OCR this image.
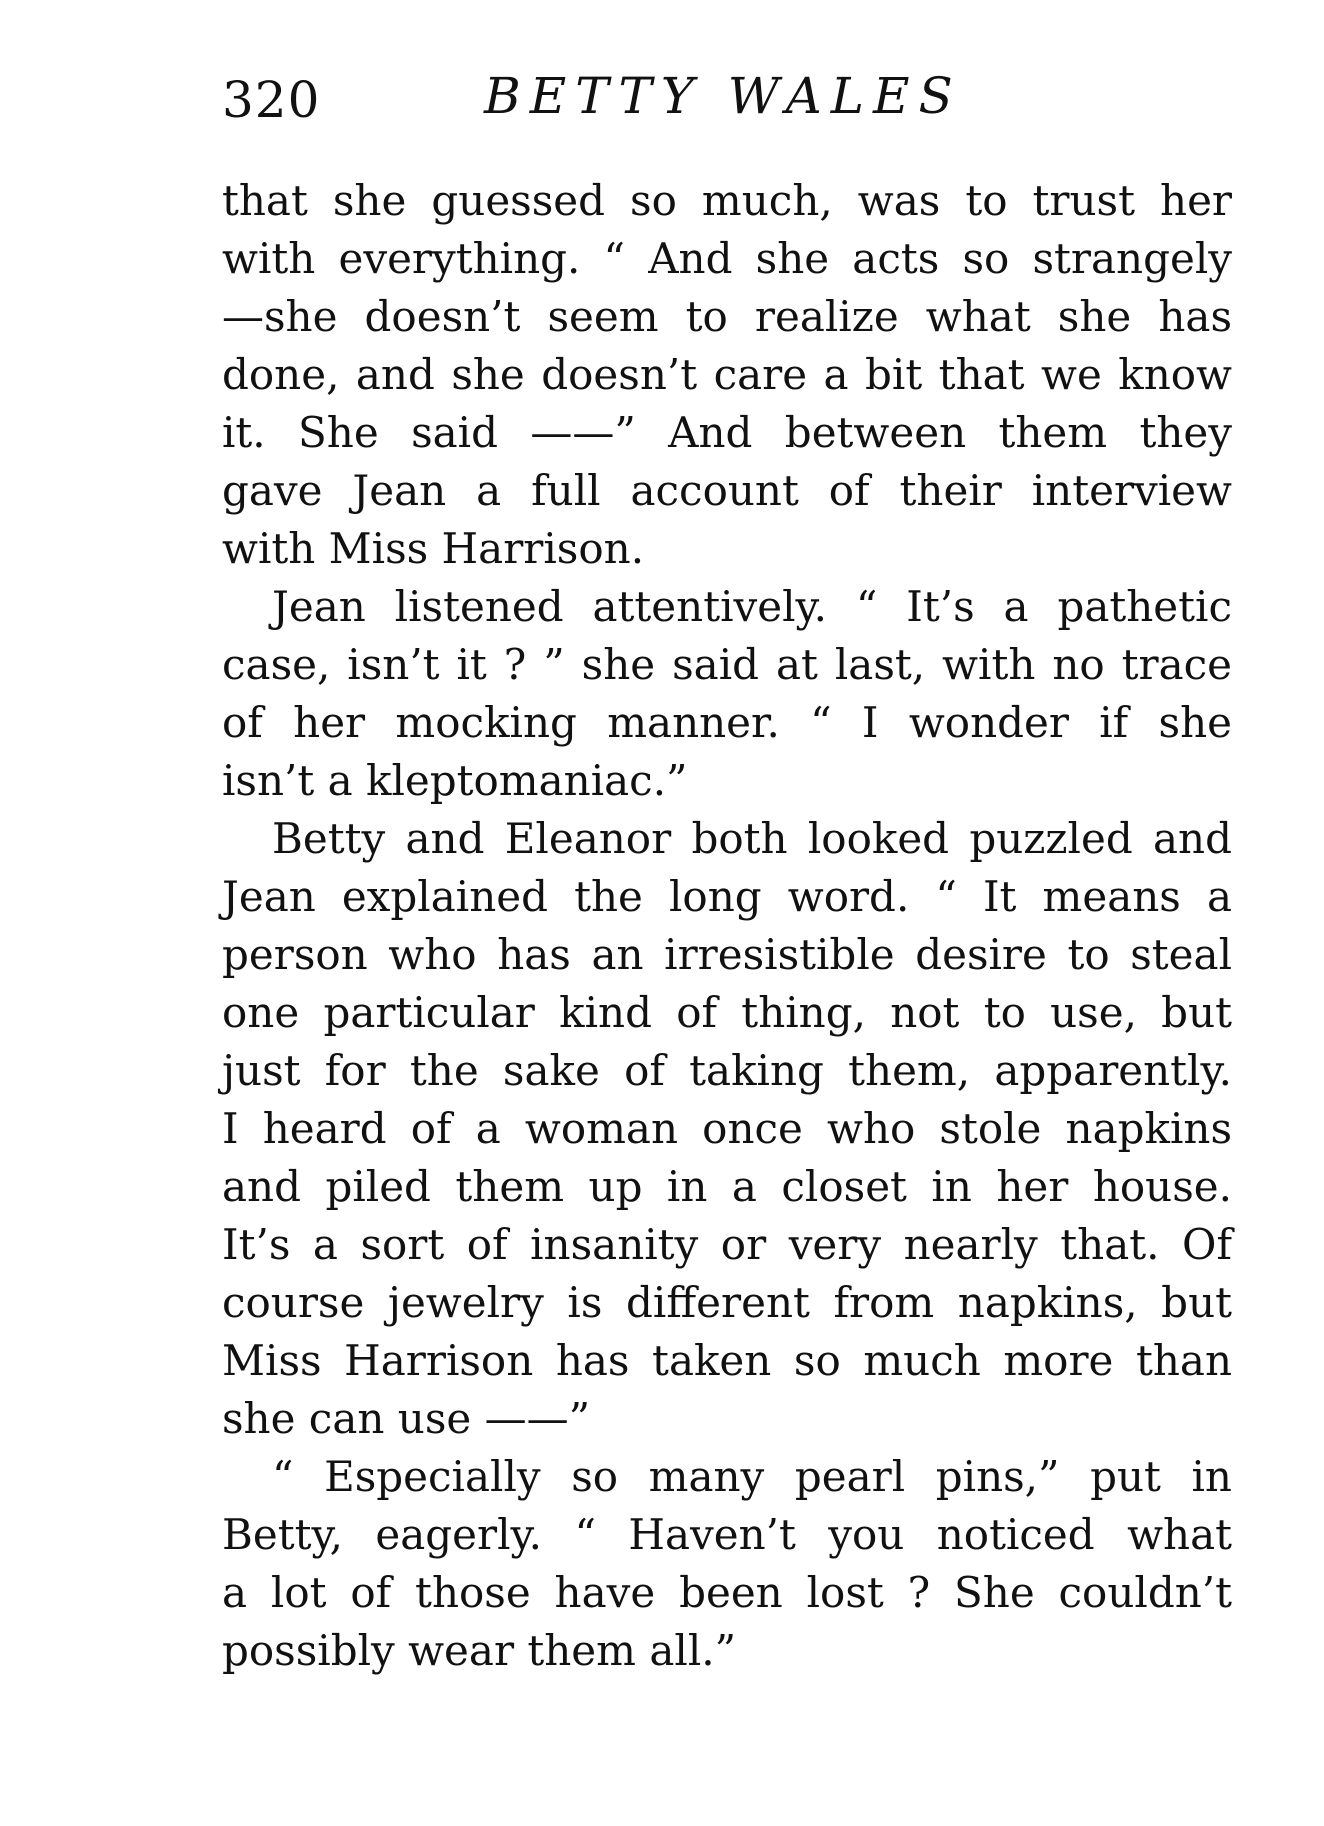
320	BETTY WALES
that she guessed so much, was to trust her
with everything. “ And she acts so strangely
—she doesn’t seem to realize what she has
done, and she doesn’t care a bit that we know
it. She said ——” And between them they
gave Jean a full account of their interview
with Miss Harrison.
Jean listened attentively. “ It’s a pathetic
case, isn’t it ? ” she said at last, with no trace
of her mocking manner. “ I wonder if she
isn’t a kleptomaniac.”
Betty and Eleanor both looked puzzled and
Jean explained the long word. “ It means a
person who has an irresistible desire to steal
one particular kind of thing, not to use, but
just for the sake of taking them, apparently.
I heard of a woman once who stole napkins
and piled them up in a closet in her house.
It’s a sort of insanity or very nearly that. Of
course jewelry is different from napkins, but
Miss Harrison has taken so much more than
she can use ——”
“ Especially so many pearl pins,” put in
Betty, eagerly. “ Haven’t you noticed what
a lot of those have been lost ? She couldn’t
possibly wear them all.”
